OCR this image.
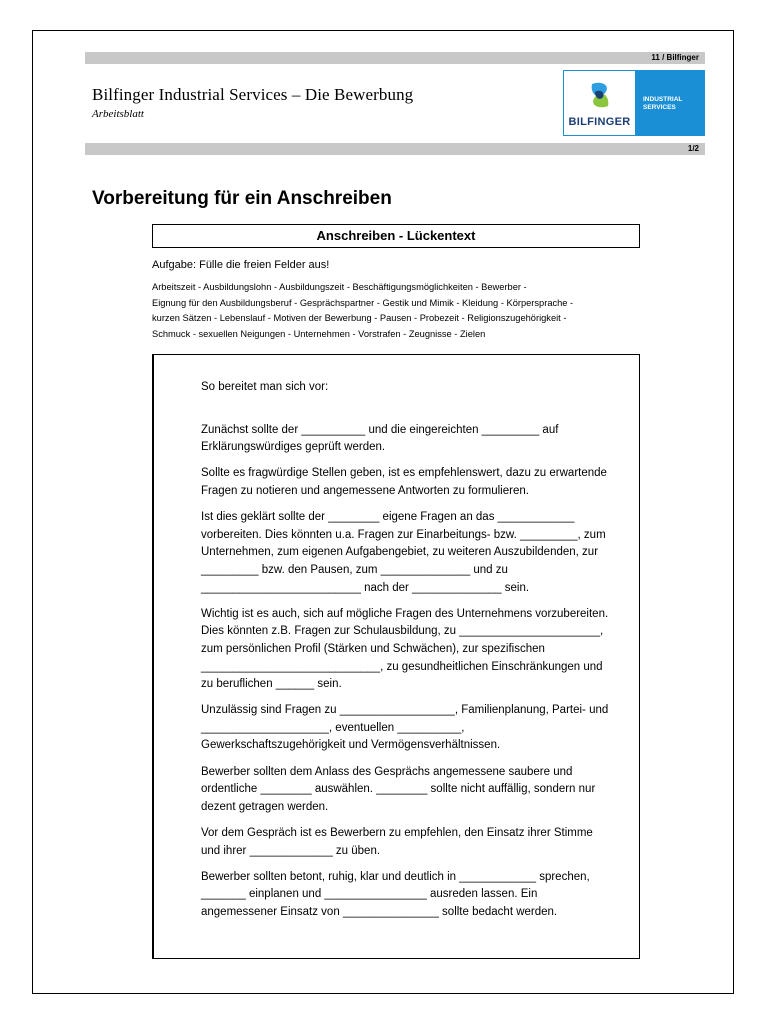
11 / Bilfinger
Bilfinger Industrial Services – Die Bewerbung
Arbeitsblatt
BILFINGER
INDUSTRIAL
SERVICES
1/2
Vorbereitung für ein Anschreiben
Anschreiben - Lückentext
Aufgabe: Fülle die freien Felder aus!
Arbeitszeit - Ausbildungslohn - Ausbildungszeit - Beschäftigungsmöglichkeiten - Bewerber -
Eignung für den Ausbildungsberuf - Gesprächspartner - Gestik und Mimik - Kleidung - Körpersprache -
kurzen Sätzen - Lebenslauf - Motiven der Bewerbung - Pausen - Probezeit - Religionszugehörigkeit -
Schmuck - sexuellen Neigungen - Unternehmen - Vorstrafen - Zeugnisse - Zielen

So bereitet man sich vor:

Zunächst sollte der __________ und die eingereichten _________ auf Erklärungswürdiges geprüft werden.

Sollte es fragwürdige Stellen geben, ist es empfehlenswert, dazu zu erwartende Fragen zu notieren und angemessene Antworten zu formulieren.

Ist dies geklärt sollte der ________ eigene Fragen an das ____________ vorbereiten. Dies könnten u.a. Fragen zur Einarbeitungs- bzw. _________, zum Unternehmen, zum eigenen Aufgabengebiet, zu weiteren Auszubildenden, zur _________ bzw. den Pausen, zum ______________ und zu _________________________ nach der ______________ sein.

Wichtig ist es auch, sich auf mögliche Fragen des Unternehmens vorzubereiten. Dies könnten z.B. Fragen zur Schulausbildung, zu ______________________, zum persönlichen Profil (Stärken und Schwächen), zur spezifischen ____________________________, zu gesundheitlichen Einschränkungen und zu beruflichen ______ sein.

Unzulässig sind Fragen zu __________________, Familienplanung, Partei- und ____________________, eventuellen __________, Gewerkschaftszugehörigkeit und Vermögensverhältnissen.

Bewerber sollten dem Anlass des Gesprächs angemessene saubere und ordentliche ________ auswählen. ________ sollte nicht auffällig, sondern nur dezent getragen werden.

Vor dem Gespräch ist es Bewerbern zu empfehlen, den Einsatz ihrer Stimme und ihrer _____________ zu üben.

Bewerber sollten betont, ruhig, klar und deutlich in ____________ sprechen, _______ einplanen und ________________ ausreden lassen. Ein angemessener Einsatz von _______________ sollte bedacht werden.
